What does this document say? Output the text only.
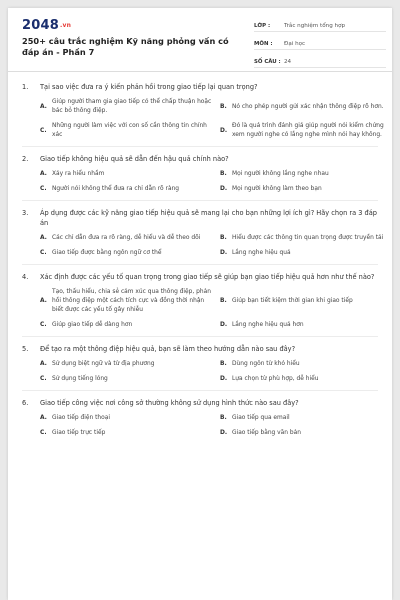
2048.vn
250+ câu trắc nghiệm Kỹ năng phỏng vấn có đáp án - Phần 7
LỚP :	Trắc nghiệm tổng hợp
MÔN :	Đại học
SỐ CÂU : 24
1.	Tại sao việc đưa ra ý kiến phản hồi trong giao tiếp lại quan trọng?
A.
Giúp người tham gia giao tiếp có thể chấp thuận hoặc bác bỏ thông điệp.
B. Nó cho phép người gửi xác nhận thông điệp rõ hơn.
C.
Những người làm việc với con số cần thông tin chính xác
D.
Đó là quá trình đánh giá giúp người nói kiểm chứng xem người nghe có lắng nghe mình nói hay không.
2.	Giao tiếp không hiệu quả sẽ dẫn đến hậu quả chính nào?
A. Xảy ra hiểu nhầm	B. Mọi người không lắng nghe nhau
C. Người nói không thể đưa ra chỉ dẫn rõ ràng	D. Mọi người không làm theo bạn
3.	Áp dụng được các kỹ năng giao tiếp hiệu quả sẽ mang lại cho bạn những lợi ích gì? Hãy chọn ra 3 đáp án
A. Các chỉ dẫn đưa ra rõ ràng, dễ hiểu và dễ theo dõi	B. Hiểu được các thông tin quan trọng được truyền tải
C. Giao tiếp được bằng ngôn ngữ cơ thể	D. Lắng nghe hiệu quả
4.	Xác định được các yếu tố quan trọng trong giao tiếp sẽ giúp bạn giao tiếp hiệu quả hơn như thế nào?
A.
Tạo, thấu hiểu, chia sẻ cảm xúc qua thông điệp, phản hồi thông điệp một cách tích cực và đồng thời nhận biết được các yếu tố gây nhiễu
B. Giúp bạn tiết kiệm thời gian khi giao tiếp
C. Giúp giao tiếp dễ dàng hơn	D. Lắng nghe hiệu quả hơn
5.	Để tạo ra một thông điệp hiệu quả, bạn sẽ làm theo hướng dẫn nào sau đây?
A. Sử dụng biệt ngữ và từ địa phương	B. Dùng ngôn từ khó hiểu
C. Sử dụng tiếng lóng	D. Lựa chọn từ phù hợp, dễ hiểu
6.	Giao tiếp công việc nơi công sở thường không sử dụng hình thức nào sau đây?
A. Giao tiếp điện thoại	B. Giao tiếp qua email
C. Giao tiếp trực tiếp	D. Giao tiếp bằng văn bản
